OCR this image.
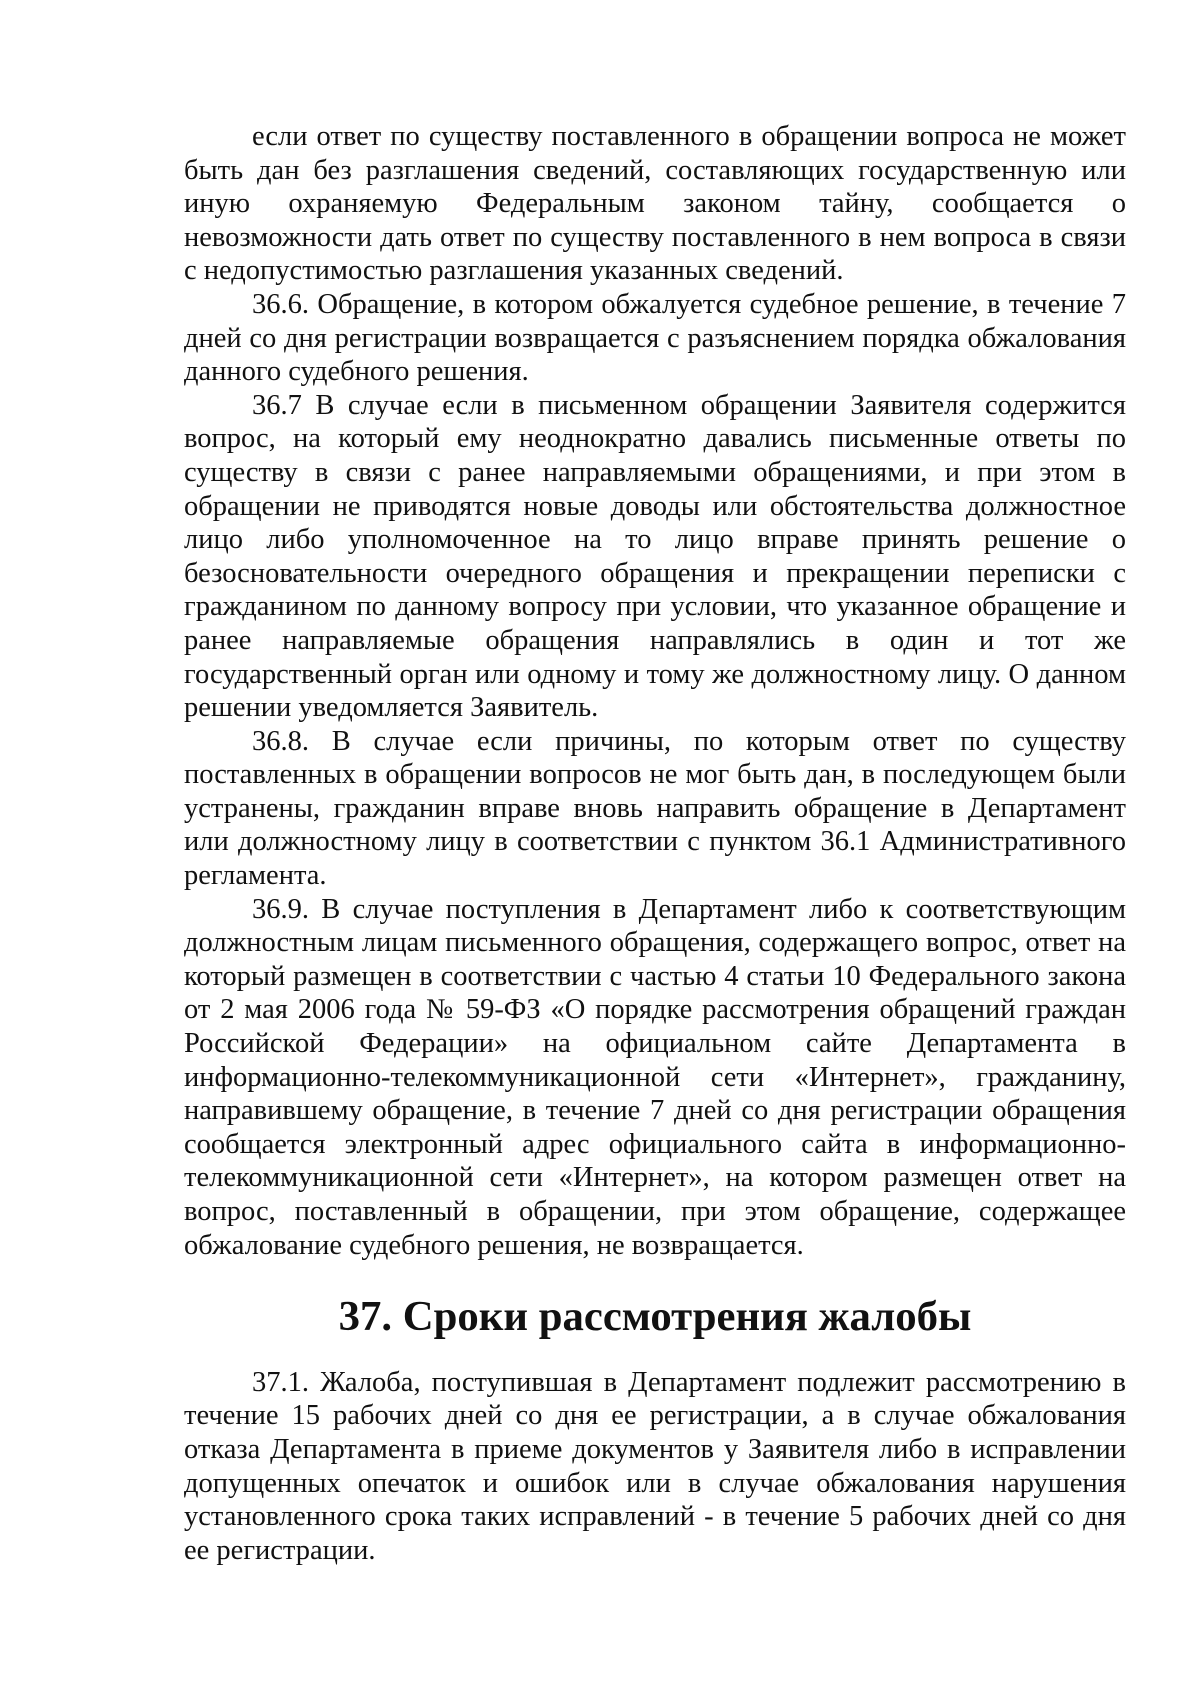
если ответ по существу поставленного в обращении вопроса не может быть дан без разглашения сведений, составляющих государственную или иную охраняемую Федеральным законом тайну, сообщается о невозможности дать ответ по существу поставленного в нем вопроса в связи с недопустимостью разглашения указанных сведений.

36.6. Обращение, в котором обжалуется судебное решение, в течение 7 дней со дня регистрации возвращается с разъяснением порядка обжалования данного судебного решения.

36.7 В случае если в письменном обращении Заявителя содержится вопрос, на который ему неоднократно давались письменные ответы по существу в связи с ранее направляемыми обращениями, и при этом в обращении не приводятся новые доводы или обстоятельства должностное лицо либо уполномоченное на то лицо вправе принять решение о безосновательности очередного обращения и прекращении переписки с гражданином по данному вопросу при условии, что указанное обращение и ранее направляемые обращения направлялись в один и тот же государственный орган или одному и тому же должностному лицу. О данном решении уведомляется Заявитель.

36.8. В случае если причины, по которым ответ по существу поставленных в обращении вопросов не мог быть дан, в последующем были устранены, гражданин вправе вновь направить обращение в Департамент или должностному лицу в соответствии с пунктом 36.1 Административного регламента.

36.9. В случае поступления в Департамент либо к соответствующим должностным лицам письменного обращения, содержащего вопрос, ответ на который размещен в соответствии с частью 4 статьи 10 Федерального закона от 2 мая 2006 года № 59-ФЗ «О порядке рассмотрения обращений граждан Российской Федерации» на официальном сайте Департамента в информационно-телекоммуникационной сети «Интернет», гражданину, направившему обращение, в течение 7 дней со дня регистрации обращения сообщается электронный адрес официального сайта в информационно-телекоммуникационной сети «Интернет», на котором размещен ответ на вопрос, поставленный в обращении, при этом обращение, содержащее обжалование судебного решения, не возвращается.

37. Сроки рассмотрения жалобы

37.1. Жалоба, поступившая в Департамент подлежит рассмотрению в течение 15 рабочих дней со дня ее регистрации, а в случае обжалования отказа Департамента в приеме документов у Заявителя либо в исправлении допущенных опечаток и ошибок или в случае обжалования нарушения установленного срока таких исправлений - в течение 5 рабочих дней со дня ее регистрации.
